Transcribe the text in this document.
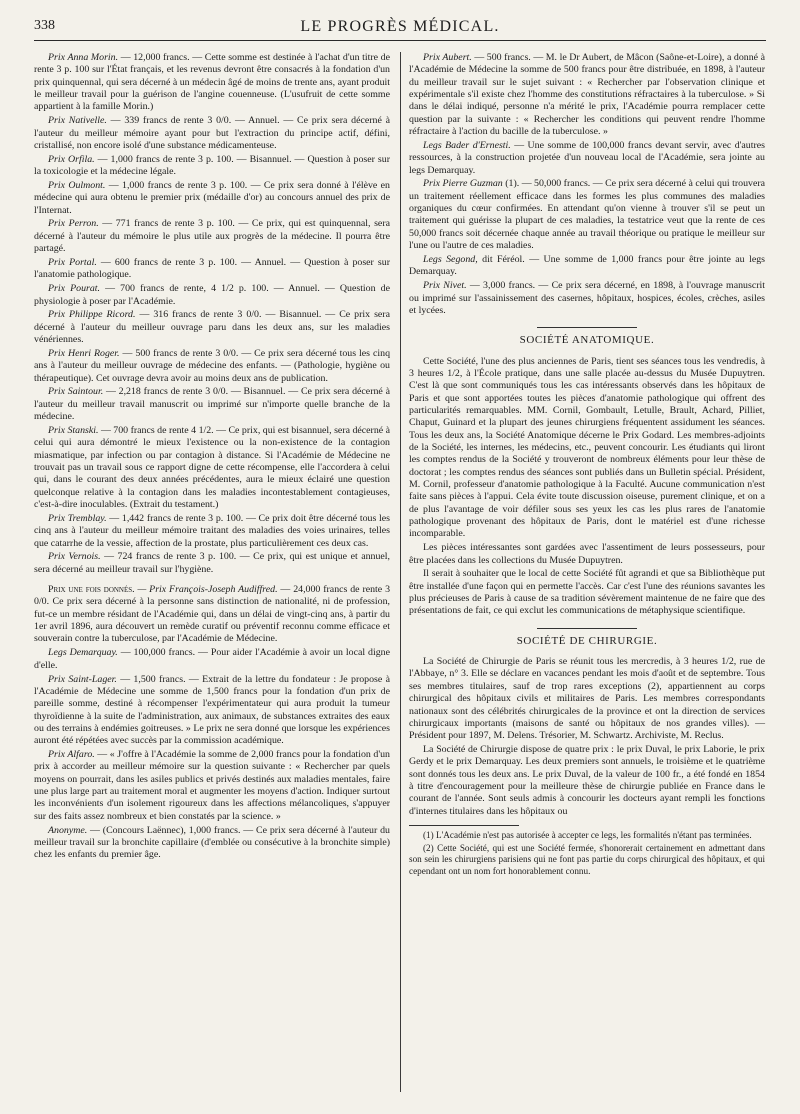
338	LE PROGRÈS MÉDICAL.

Prix Anna Morin. — 12,000 francs. — Cette somme est destinée à l'achat d'un titre de rente 3 p. 100 sur l'État français, et les revenus devront être consacrés à la fondation d'un prix quinquennal, qui sera décerné à un médecin âgé de moins de trente ans, ayant produit le meilleur travail pour la guérison de l'angine couenneuse. (L'usufruit de cette somme appartient à la famille Morin.)

Prix Nativelle. — 339 francs de rente 3 0/0. — Annuel. — Ce prix sera décerné à l'auteur du meilleur mémoire ayant pour but l'extraction du principe actif, défini, cristallisé, non encore isolé d'une substance médicamenteuse.

Prix Orfila. — 1,000 francs de rente 3 p. 100. — Bisannuel. — Question à poser sur la toxicologie et la médecine légale.

Prix Oulmont. — 1,000 francs de rente 3 p. 100. — Ce prix sera donné à l'élève en médecine qui aura obtenu le premier prix (médaille d'or) au concours annuel des prix de l'Internat.

Prix Perron. — 771 francs de rente 3 p. 100. — Ce prix, qui est quinquennal, sera décerné à l'auteur du mémoire le plus utile aux progrès de la médecine. Il pourra être partagé.

Prix Portal. — 600 francs de rente 3 p. 100. — Annuel. — Question à poser sur l'anatomie pathologique.

Prix Pourat. — 700 francs de rente, 4 1/2 p. 100. — Annuel. — Question de physiologie à poser par l'Académie.

Prix Philippe Ricord. — 316 francs de rente 3 0/0. — Bisannuel. — Ce prix sera décerné à l'auteur du meilleur ouvrage paru dans les deux ans, sur les maladies vénériennes.

Prix Henri Roger. — 500 francs de rente 3 0/0. — Ce prix sera décerné tous les cinq ans à l'auteur du meilleur ouvrage de médecine des enfants. — (Pathologie, hygiène ou thérapeutique). Cet ouvrage devra avoir au moins deux ans de publication.

Prix Saintour. — 2,218 francs de rente 3 0/0. — Bisannuel. — Ce prix sera décerné à l'auteur du meilleur travail manuscrit ou imprimé sur n'importe quelle branche de la médecine.

Prix Stanski. — 700 francs de rente 4 1/2. — Ce prix, qui est bisannuel, sera décerné à celui qui aura démontré le mieux l'existence ou la non-existence de la contagion miasmatique, par infection ou par contagion à distance. Si l'Académie de Médecine ne trouvait pas un travail sous ce rapport digne de cette récompense, elle l'accordera à celui qui, dans le courant des deux années précédentes, aura le mieux éclairé une question quelconque relative à la contagion dans les maladies incontestablement contagieuses, c'est-à-dire inoculables. (Extrait du testament.)

Prix Tremblay. — 1,442 francs de rente 3 p. 100. — Ce prix doit être décerné tous les cinq ans à l'auteur du meilleur mémoire traitant des maladies des voies urinaires, telles que catarrhe de la vessie, affection de la prostate, plus particulièrement ces deux cas.

Prix Vernois. — 724 francs de rente 3 p. 100. — Ce prix, qui est unique et annuel, sera décerné au meilleur travail sur l'hygiène.

Prix une fois donnés. — Prix François-Joseph Audiffred. — 24,000 francs de rente 3 0/0. Ce prix sera décerné à la personne sans distinction de nationalité, ni de profession, fut-ce un membre résidant de l'Académie qui, dans un délai de vingt-cinq ans, à partir du 1er avril 1896, aura découvert un remède curatif ou préventif reconnu comme efficace et souverain contre la tuberculose, par l'Académie de Médecine.

Legs Demarquay. — 100,000 francs. — Pour aider l'Académie à avoir un local digne d'elle.

Prix Saint-Lager. — 1,500 francs. — Extrait de la lettre du fondateur : Je propose à l'Académie de Médecine une somme de 1,500 francs pour la fondation d'un prix de pareille somme, destiné à récompenser l'expérimentateur qui aura produit la tumeur thyroïdienne à la suite de l'administration, aux animaux, de substances extraites des eaux ou des terrains à endémies goitreuses. » Le prix ne sera donné que lorsque les expériences auront été répétées avec succès par la commission académique.

Prix Alfaro. — « J'offre à l'Académie la somme de 2,000 francs pour la fondation d'un prix à accorder au meilleur mémoire sur la question suivante : « Rechercher par quels moyens on pourrait, dans les asiles publics et privés destinés aux maladies mentales, faire une plus large part au traitement moral et augmenter les moyens d'action. Indiquer surtout les inconvénients d'un isolement rigoureux dans les affections mélancoliques, s'appuyer sur des faits assez nombreux et bien constatés par la science. »

Anonyme. — (Concours Laënnec), 1,000 francs. — Ce prix sera décerné à l'auteur du meilleur travail sur la bronchite capillaire (d'emblée ou consécutive à la bronchite simple) chez les enfants du premier âge.

Prix Aubert. — 500 francs. — M. le Dr Aubert, de Mâcon (Saône-et-Loire), a donné à l'Académie de Médecine la somme de 500 francs pour être distribuée, en 1898, à l'auteur du meilleur travail sur le sujet suivant : « Rechercher par l'observation clinique et expérimentale s'il existe chez l'homme des constitutions réfractaires à la tuberculose. » Si dans le délai indiqué, personne n'a mérité le prix, l'Académie pourra remplacer cette question par la suivante : « Rechercher les conditions qui peuvent rendre l'homme réfractaire à l'action du bacille de la tuberculose. »

Legs Bader d'Ernesti. — Une somme de 100,000 francs devant servir, avec d'autres ressources, à la construction projetée d'un nouveau local de l'Académie, sera jointe au legs Demarquay.

Prix Pierre Guzman (1). — 50,000 francs. — Ce prix sera décerné à celui qui trouvera un traitement réellement efficace dans les formes les plus communes des maladies organiques du cœur confirmées. En attendant qu'on vienne à trouver s'il se peut un traitement qui guérisse la plupart de ces maladies, la testatrice veut que la rente de ces 50,000 francs soit décernée chaque année au travail théorique ou pratique le meilleur sur l'une ou l'autre de ces maladies.

Legs Segond, dit Féréol. — Une somme de 1,000 francs pour être jointe au legs Demarquay.

Prix Nivet. — 3,000 francs. — Ce prix sera décerné, en 1898, à l'ouvrage manuscrit ou imprimé sur l'assainissement des casernes, hôpitaux, hospices, écoles, crèches, asiles et lycées.

SOCIÉTÉ ANATOMIQUE.

Cette Société, l'une des plus anciennes de Paris, tient ses séances tous les vendredis, à 3 heures 1/2, à l'École pratique, dans une salle placée au-dessus du Musée Dupuytren. C'est là que sont communiqués tous les cas intéressants observés dans les hôpitaux de Paris et que sont apportées toutes les pièces d'anatomie pathologique qui offrent des particularités remarquables. MM. Cornil, Gombault, Letulle, Brault, Achard, Pilliet, Chaput, Guinard et la plupart des jeunes chirurgiens fréquentent assidument les séances. Tous les deux ans, la Société Anatomique décerne le Prix Godard. Les membres-adjoints de la Société, les internes, les médecins, etc., peuvent concourir. Les étudiants qui liront les comptes rendus de la Société y trouveront de nombreux éléments pour leur thèse de doctorat ; les comptes rendus des séances sont publiés dans un Bulletin spécial. Président, M. Cornil, professeur d'anatomie pathologique à la Faculté. Aucune communication n'est faite sans pièces à l'appui. Cela évite toute discussion oiseuse, purement clinique, et on a de plus l'avantage de voir défiler sous ses yeux les cas les plus rares de l'anatomie pathologique provenant des hôpitaux de Paris, dont le matériel est d'une richesse incomparable.

Les pièces intéressantes sont gardées avec l'assentiment de leurs possesseurs, pour être placées dans les collections du Musée Dupuytren.

Il serait à souhaiter que le local de cette Société fût agrandi et que sa Bibliothèque put être installée d'une façon qui en permette l'accès. Car c'est l'une des réunions savantes les plus précieuses de Paris à cause de sa tradition sévèrement maintenue de ne faire que des présentations de fait, ce qui exclut les communications de métaphysique scientifique.

SOCIÉTÉ DE CHIRURGIE.

La Société de Chirurgie de Paris se réunit tous les mercredis, à 3 heures 1/2, rue de l'Abbaye, n° 3. Elle se déclare en vacances pendant les mois d'août et de septembre. Tous ses membres titulaires, sauf de trop rares exceptions (2), appartiennent au corps chirurgical des hôpitaux civils et militaires de Paris. Les membres correspondants nationaux sont des célébrités chirurgicales de la province et ont la direction de services chirurgicaux importants (maisons de santé ou hôpitaux de nos grandes villes). — Président pour 1897, M. Delens. Trésorier, M. Schwartz. Archiviste, M. Reclus.

La Société de Chirurgie dispose de quatre prix : le prix Duval, le prix Laborie, le prix Gerdy et le prix Demarquay. Les deux premiers sont annuels, le troisième et le quatrième sont donnés tous les deux ans. Le prix Duval, de la valeur de 100 fr., a été fondé en 1854 à titre d'encouragement pour la meilleure thèse de chirurgie publiée en France dans le courant de l'année. Sont seuls admis à concourir les docteurs ayant rempli les fonctions d'internes titulaires dans les hôpitaux ou

(1) L'Académie n'est pas autorisée à accepter ce legs, les formalités n'étant pas terminées.

(2) Cette Société, qui est une Société fermée, s'honorerait certainement en admettant dans son sein les chirurgiens parisiens qui ne font pas partie du corps chirurgical des hôpitaux, et qui cependant ont un nom fort honorablement connu.
